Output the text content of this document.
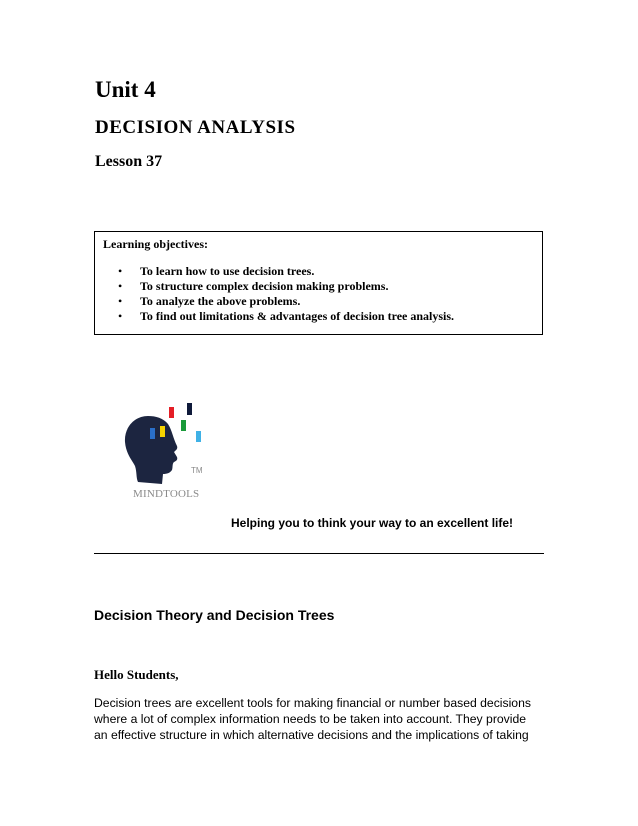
Unit 4
DECISION ANALYSIS
Lesson 37
Learning objectives:
• To learn how to use decision trees.
• To structure complex decision making problems.
• To analyze the above problems.
• To find out limitations & advantages of decision tree analysis.
TM
MINDTOOLS
Helping you to think your way to an excellent life!
Decision Theory and Decision Trees
Hello Students,

Decision trees are excellent tools for making financial or number based decisions
where a lot of complex information needs to be taken into account. They provide
an effective structure in which alternative decisions and the implications of taking
